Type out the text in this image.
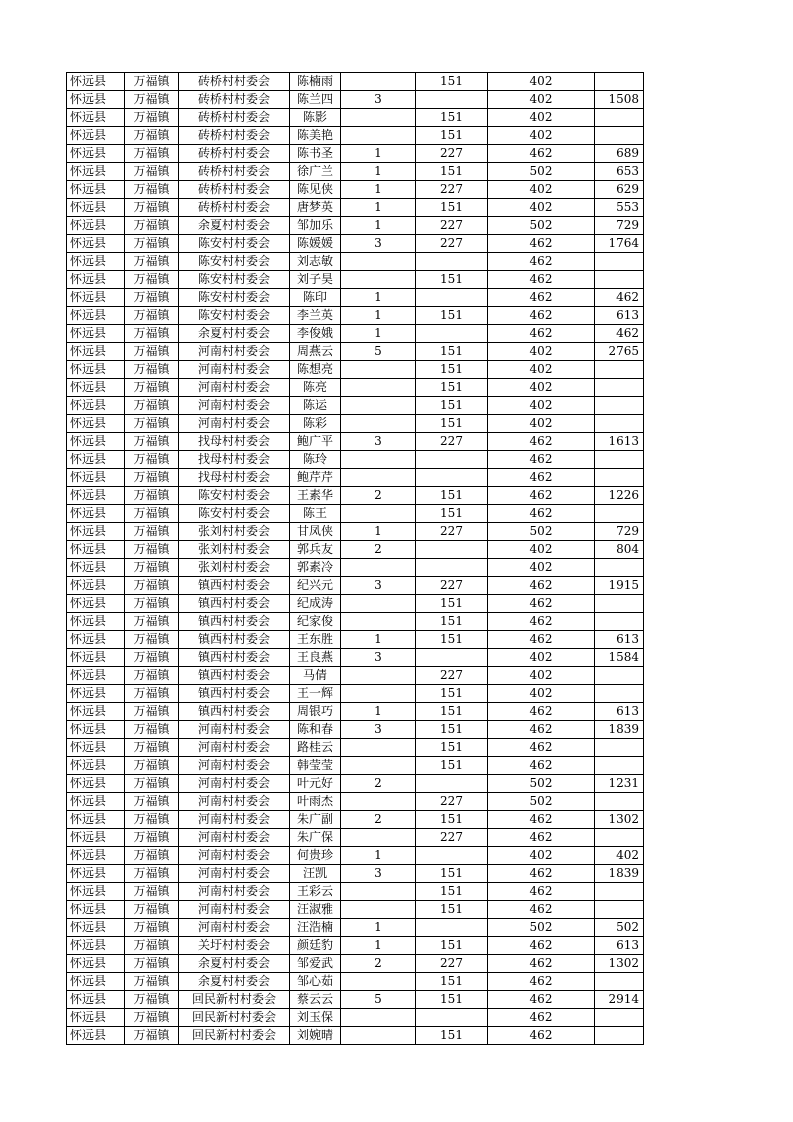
怀远县	万福镇	砖桥村村委会	陈楠雨		151	402	
怀远县	万福镇	砖桥村村委会	陈兰四	3		402	1508
怀远县	万福镇	砖桥村村委会	陈影		151	402	
怀远县	万福镇	砖桥村村委会	陈美艳		151	402	
怀远县	万福镇	砖桥村村委会	陈书圣	1	227	462	689
怀远县	万福镇	砖桥村村委会	徐广兰	1	151	502	653
怀远县	万福镇	砖桥村村委会	陈见侠	1	227	402	629
怀远县	万福镇	砖桥村村委会	唐梦英	1	151	402	553
怀远县	万福镇	余夏村村委会	邹加乐	1	227	502	729
怀远县	万福镇	陈安村村委会	陈媛媛	3	227	462	1764
怀远县	万福镇	陈安村村委会	刘志敏			462	
怀远县	万福镇	陈安村村委会	刘子昊		151	462	
怀远县	万福镇	陈安村村委会	陈印	1		462	462
怀远县	万福镇	陈安村村委会	李兰英	1	151	462	613
怀远县	万福镇	余夏村村委会	李俊娥	1		462	462
怀远县	万福镇	河南村村委会	周燕云	5	151	402	2765
怀远县	万福镇	河南村村委会	陈想亮		151	402	
怀远县	万福镇	河南村村委会	陈亮		151	402	
怀远县	万福镇	河南村村委会	陈运		151	402	
怀远县	万福镇	河南村村委会	陈彩		151	402	
怀远县	万福镇	找母村村委会	鲍广平	3	227	462	1613
怀远县	万福镇	找母村村委会	陈玲			462	
怀远县	万福镇	找母村村委会	鲍芹芹			462	
怀远县	万福镇	陈安村村委会	王素华	2	151	462	1226
怀远县	万福镇	陈安村村委会	陈王		151	462	
怀远县	万福镇	张刘村村委会	甘凤侠	1	227	502	729
怀远县	万福镇	张刘村村委会	郭兵友	2		402	804
怀远县	万福镇	张刘村村委会	郭素冷			402	
怀远县	万福镇	镇西村村委会	纪兴元	3	227	462	1915
怀远县	万福镇	镇西村村委会	纪成涛		151	462	
怀远县	万福镇	镇西村村委会	纪家俊		151	462	
怀远县	万福镇	镇西村村委会	王东胜	1	151	462	613
怀远县	万福镇	镇西村村委会	王良燕	3		402	1584
怀远县	万福镇	镇西村村委会	马倩		227	402	
怀远县	万福镇	镇西村村委会	王一辉		151	402	
怀远县	万福镇	镇西村村委会	周银巧	1	151	462	613
怀远县	万福镇	河南村村委会	陈和春	3	151	462	1839
怀远县	万福镇	河南村村委会	路桂云		151	462	
怀远县	万福镇	河南村村委会	韩莹莹		151	462	
怀远县	万福镇	河南村村委会	叶元好	2		502	1231
怀远县	万福镇	河南村村委会	叶雨杰		227	502	
怀远县	万福镇	河南村村委会	朱广副	2	151	462	1302
怀远县	万福镇	河南村村委会	朱广保		227	462	
怀远县	万福镇	河南村村委会	何贵珍	1		402	402
怀远县	万福镇	河南村村委会	汪凯	3	151	462	1839
怀远县	万福镇	河南村村委会	王彩云		151	462	
怀远县	万福镇	河南村村委会	汪淑雅		151	462	
怀远县	万福镇	河南村村委会	汪浩楠	1		502	502
怀远县	万福镇	关圩村村委会	颜廷豹	1	151	462	613
怀远县	万福镇	余夏村村委会	邹爱武	2	227	462	1302
怀远县	万福镇	余夏村村委会	邹心茹		151	462	
怀远县	万福镇	回民新村村委会	蔡云云	5	151	462	2914
怀远县	万福镇	回民新村村委会	刘玉保			462	
怀远县	万福镇	回民新村村委会	刘婉晴		151	462	
